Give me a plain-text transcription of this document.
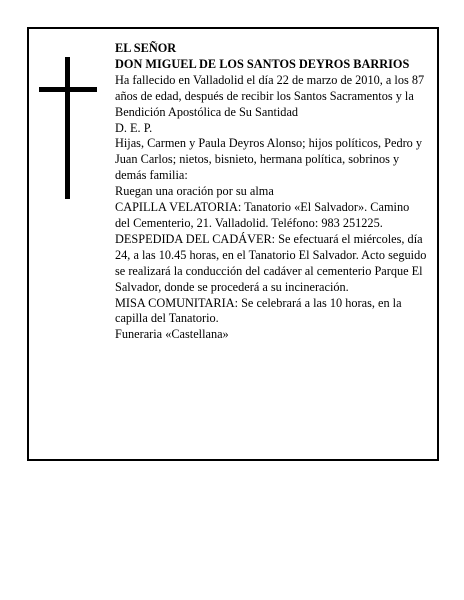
EL SEÑOR

DON MIGUEL DE LOS SANTOS DEYROS BARRIOS

Ha fallecido en Valladolid el día 22 de marzo de 2010, a los 87 años de edad, después de recibir los Santos Sacramentos y la Bendición Apostólica de Su Santidad

D. E. P.

Hijas, Carmen y Paula Deyros Alonso; hijos políticos, Pedro y Juan Carlos; nietos, bisnieto, hermana política, sobrinos y demás familia:

Ruegan una oración por su alma

CAPILLA VELATORIA: Tanatorio «El Salvador». Camino del Cementerio, 21. Valladolid. Teléfono: 983 251225.

DESPEDIDA DEL CADÁVER: Se efectuará el miércoles, día 24, a las 10.45 horas, en el Tanatorio El Salvador. Acto seguido se realizará la conducción del cadáver al cementerio Parque El Salvador, donde se procederá a su incineración.

MISA COMUNITARIA: Se celebrará a las 10 horas, en la capilla del Tanatorio.

Funeraria «Castellana»
